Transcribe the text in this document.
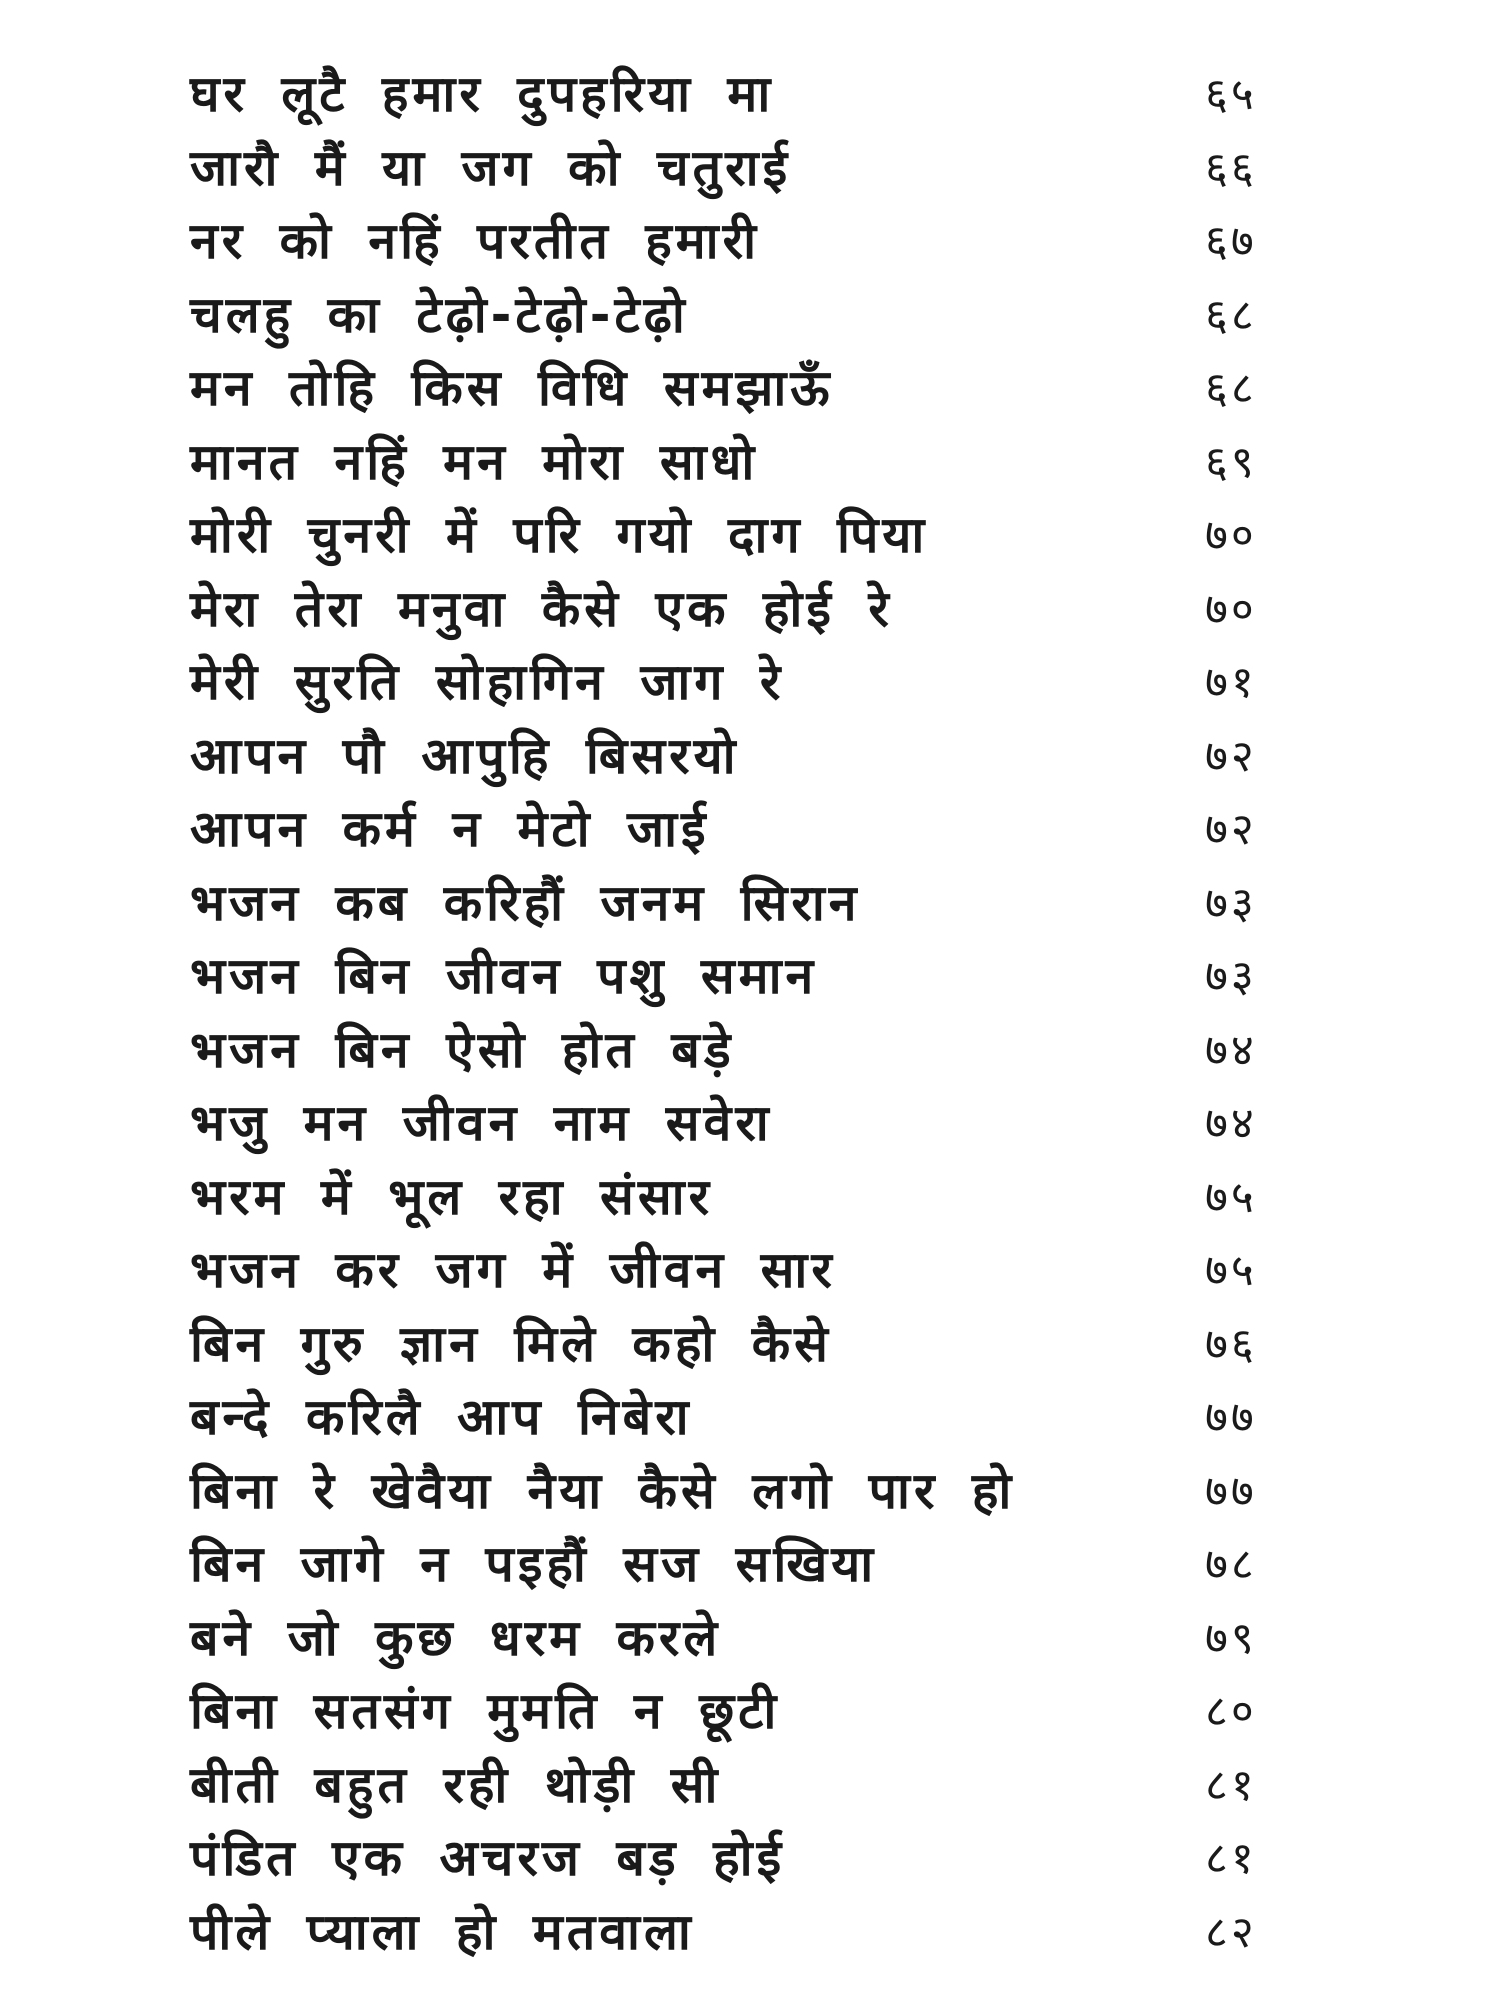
घर लूटै हमार दुपहरिया मा	६५
जारौ मैं या जग को चतुराई	६६
नर को नहिं परतीत हमारी	६७
चलहु का टेढ़ो-टेढ़ो-टेढ़ो	६८
मन तोहि किस विधि समझाऊँ	६८
मानत नहिं मन मोरा साधो	६९
मोरी चुनरी में परि गयो दाग पिया	७०
मेरा तेरा मनुवा कैसे एक होई रे	७०
मेरी सुरति सोहागिन जाग रे	७१
आपन पौ आपुहि बिसरयो	७२
आपन कर्म न मेटो जाई	७२
भजन कब करिहौं जनम सिरान	७३
भजन बिन जीवन पशु समान	७३
भजन बिन ऐसो होत बड़े	७४
भजु मन जीवन नाम सवेरा	७४
भरम में भूल रहा संसार	७५
भजन कर जग में जीवन सार	७५
बिन गुरु ज्ञान मिले कहो कैसे	७६
बन्दे करिलै आप निबेरा	७७
बिना रे खेवैया नैया कैसे लगो पार हो	७७
बिन जागे न पइहौं सज सखिया	७८
बने जो कुछ धरम करले	७९
बिना सतसंग मुमति न छूटी	८०
बीती बहुत रही थोड़ी सी	८१
पंडित एक अचरज बड़ होई	८१
पीले प्याला हो मतवाला	८२
